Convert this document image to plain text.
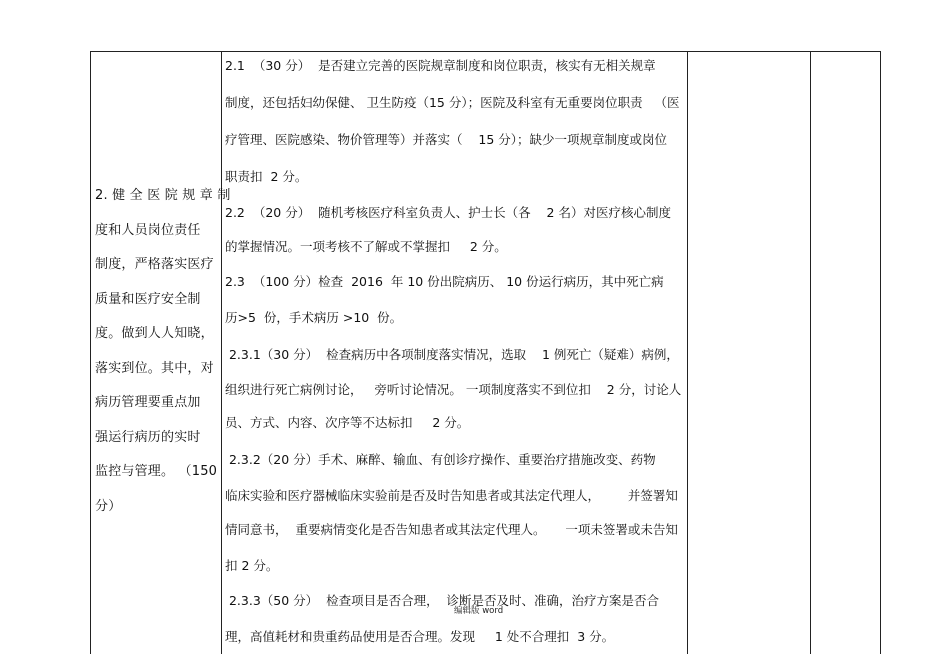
2. 健 全 医 院 规 章 制
度和人员岗位责任
制度，严格落实医疗
质量和医疗安全制
度。做到人人知晓，
落实到位。其中，对
病历管理要重点加
强运行病历的实时
监控与管理。 （150
分）
2.1  （30 分）  是否建立完善的医院规章制度和岗位职责，核实有无相关规章
制度，还包括妇幼保健、 卫生防疫（15 分）；医院及科室有无重要岗位职责   （医
疗管理、医院感染、物价管理等）并落实（    15 分）；缺少一项规章制度或岗位
职责扣  2 分。
2.2  （20 分）  随机考核医疗科室负责人、护士长（各    2 名）对医疗核心制度
的掌握情况。一项考核不了解或不掌握扣     2 分。
2.3  （100 分）检查  2016  年 10 份出院病历、 10 份运行病历，其中死亡病
历>5  份，手术病历 >10  份。
2.3.1（30 分）  检查病历中各项制度落实情况，选取    1 例死亡（疑难）病例，
组织进行死亡病例讨论，   旁听讨论情况。 一项制度落实不到位扣    2 分，讨论人
员、方式、内容、次序等不达标扣     2 分。
2.3.2（20 分）手术、麻醉、输血、有创诊疗操作、重要治疗措施改变、药物
临床实验和医疗器械临床实验前是否及时告知患者或其法定代理人，       并签署知
情同意书，  重要病情变化是否告知患者或其法定代理人。     一项未签署或未告知
扣 2 分。
2.3.3（50 分）  检查项目是否合理，  诊断是否及时、准确，治疗方案是否合
理，高值耗材和贵重药品使用是否合理。发现     1 处不合理扣  3 分。
编辑版 word
